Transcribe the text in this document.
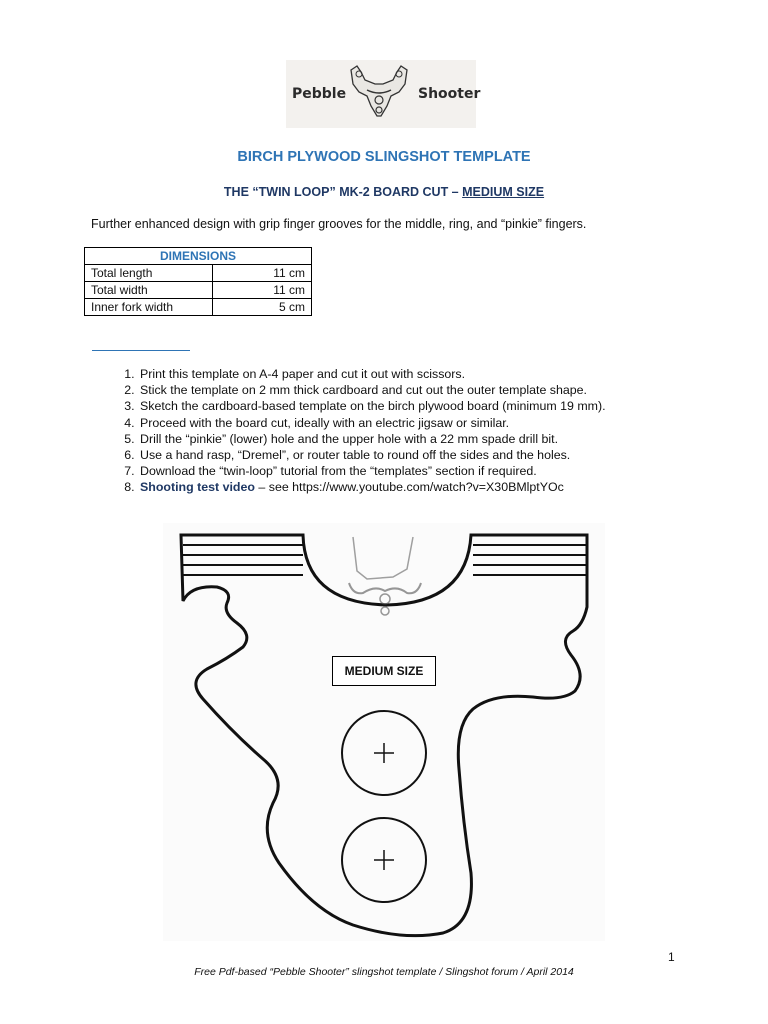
Pebble	Shooter
BIRCH PLYWOOD SLINGSHOT TEMPLATE
THE “TWIN LOOP” MK-2 BOARD CUT – MEDIUM SIZE
Further enhanced design with grip finger grooves for the middle, ring, and “pinkie” fingers.
DIMENSIONS	
Total length	11 cm
Total width	11 cm
Inner fork width	5 cm
1. Print this template on A-4 paper and cut it out with scissors.
2. Stick the template on 2 mm thick cardboard and cut out the outer template shape.
3. Sketch the cardboard-based template on the birch plywood board (minimum 19 mm).
4. Proceed with the board cut, ideally with an electric jigsaw or similar.
5. Drill the “pinkie” (lower) hole and the upper hole with a 22 mm spade drill bit.
6. Use a hand rasp, “Dremel”, or router table to round off the sides and the holes.
7. Download the “twin-loop” tutorial from the “templates” section if required.
8. Shooting test video – see https://www.youtube.com/watch?v=X30BMlptYOc
MEDIUM SIZE
1
Free Pdf-based “Pebble Shooter” slingshot template / Slingshot forum / April 2014
